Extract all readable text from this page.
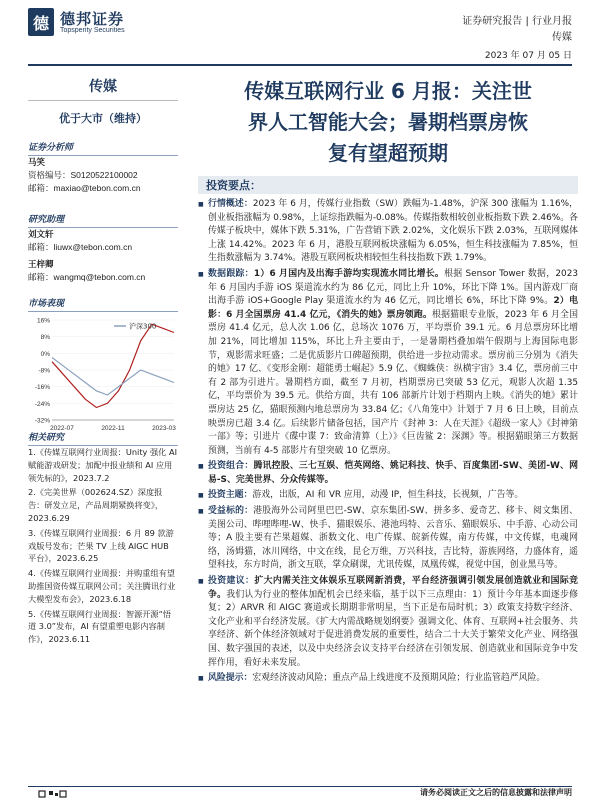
德 德邦证券
Topsperity Securities
证券研究报告 | 行业月报
传媒
2023 年 07 月 05 日
传媒
优于大市（维持）
证券分析师
马笑
资格编号：S0120522100002
邮箱：maxiao@tebon.com.cn
研究助理
刘文轩
邮箱：liuwx@tebon.com.cn
王梓卿
邮箱：wangmq@tebon.com.cn
市场表现
16%
8%
0%
-8%
-16%
-24%
-32%
2022-07	2022-11	2023-03
沪深300
相关研究
1.《传媒互联网行业周报：Unity 强化 AI 赋能游戏研发；加配中报业绩和 AI 应用领先标的》，2023.7.2
2.《完美世界（002624.SZ）深度报告：研发立足，产品周期紧换将变》，2023.6.29
3.《传媒互联网行业周报：6 月 89 款游戏版号发布；芒果 TV 上线 AIGC HUB 平台》，2023.6.25
4.《传媒互联网行业周报：并购重组有望助推国资传媒互联网公司；关注腾讯行业大模型发布会》，2023.6.18
5.《传媒互联网行业周报：智源开源“悟道 3.0”发布，AI 有望重塑电影内容制作》，2023.6.11
传媒互联网行业 6 月报：关注世
界人工智能大会；暑期档票房恢
复有望超预期
投资要点：
■ 行情概述：2023 年 6 月，传媒行业指数（SW）跌幅为-1.48%，沪深 300 涨幅为 1.16%，创业板指涨幅为 0.98%，上证综指跌幅为-0.08%。传媒指数相较创业板指数下跌 2.46%。各传媒子板块中，媒体下跌 5.31%，广告营销下跌 2.02%，文化娱乐下跌 2.03%，互联网媒体上涨 14.42%。2023 年 6 月，港股互联网板块涨幅为 6.05%，恒生科技涨幅为 7.85%，恒生指数涨幅为 3.74%。港股互联网板块相较恒生科技指数下跌 1.79%。
■ 数据跟踪：1）6 月国内及出海手游均实现流水同比增长。根据 Sensor Tower 数据，2023 年 6 月国内手游 iOS 渠道流水约为 86 亿元，同比上升 10%，环比下降 1%。国内游戏厂商出海手游 iOS+Google Play 渠道流水约为 46 亿元，同比增长 6%，环比下降 9%。2）电影：6 月全国票房 41.4 亿元，《消失的她》票房领跑。根据猫眼专业版，2023 年 6 月全国票房 41.4 亿元，总人次 1.06 亿，总场次 1076 万，平均票价 39.1 元。6 月总票房环比增加 21%，同比增加 115%，环比上升主要由于，一是暑期档叠加端午假期与上海国际电影节，观影需求旺盛；二是优质影片口碑超预期，供给进一步拉动需求。票房前三分别为《消失的她》17 亿、《变形金刚：超能勇士崛起》5.9 亿、《蜘蛛侠：纵横宇宙》3.4 亿，票房前三中有 2 部为引进片。暑期档方面，截至 7 月初，档期票房已突破 53 亿元，观影人次超 1.35 亿，平均票价为 39.5 元。供给方面，共有 106 部新片计划于档期内上映。《消失的她》累计票房达 25 亿，猫眼预测内地总票房为 33.84 亿；《八角笼中》计划于 7 月 6 日上映，目前点映票房已超 3.4 亿。后续影片储备包括，国产片《封神 3：人在天涯》《超级一家人》《封神第一部》等；引进片《碟中谍 7：致命清算（上）》《巨齿鲨 2：深渊》等。根据猫眼第三方数据预测，当前有 4-5 部影片有望突破 10 亿票房。
■ 投资组合：腾讯控股、三七互娱、恺英网络、姚记科技、快手、百度集团-SW、美团-W、网易-S、完美世界、分众传媒等。
■ 投资主题：游戏，出版，AI 和 VR 应用，动漫 IP，恒生科技，长视频，广告等。
■ 受益标的：港股海外公司阿里巴巴-SW、京东集团-SW、拼多多、爱奇艺、移卡、阅文集团、美图公司、哔哩哔哩-W、快手、猫眼娱乐、港池玛特、云音乐、猫眼娱乐、中手游、心动公司等；A 股主要有芒果超媒、浙数文化、电广传媒、皖新传媒，南方传媒，中文传媒，电魂网络，汤姆猫，冰川网络，中文在线，昆仑万维，万兴科技，吉比特，游族网络，力盛体育，遥望科技，东方时尚，浙文互联，掌众刷课，尤讯传媒，凤凰传媒，视觉中国，创业黑马等。
■ 投资建议：扩大内需关注文体娱乐互联网新消费，平台经济强调引领发展创造就业和国际竞争。我们认为行业的整体加配机会已经来临，基于以下三点理由：1）预计今年基本面逐步修复；2）ARVR 和 AIGC 赛道或长期期非常明星，当下正是布局时机；3）政策支持数字经济、文化产业和平台经济发展。《扩大内需战略规划纲要》强调文化、体育、互联网+社会服务、共享经济、新个体经济领域对于促进消费发展的重要性，结合二十大关于繁荣文化产业、网络强国、数字强国的表述，以及中央经济会议支持平台经济在引领发展、创造就业和国际竞争中发挥作用，看好未来发展。
■ 风险提示：宏观经济波动风险；重点产品上线进度不及预期风险；行业监管趋严风险。
请务必阅读正文之后的信息披露和法律声明
